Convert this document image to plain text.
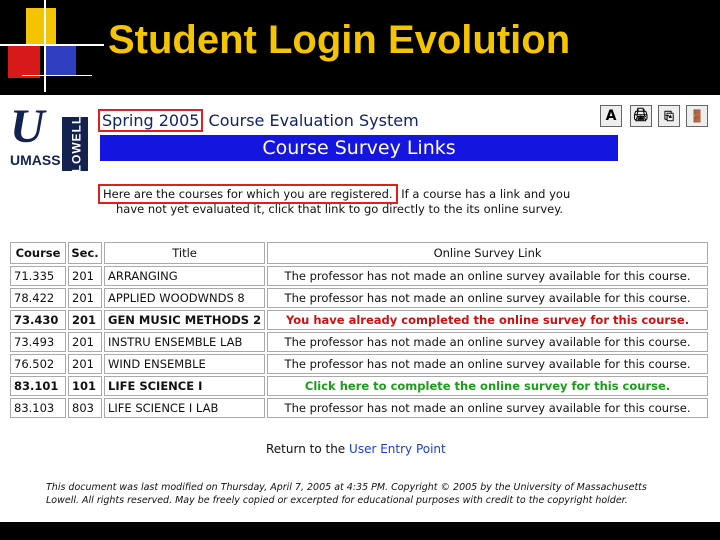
Student Login Evolution
U
UMASS LOWELL Spring 2005 Course Evaluation System	A	🖨	⎘	🚪
Course Survey Links
Here are the courses for which you are registered. If a course has a link and you
have not yet evaluated it, click that link to go directly to the its online survey.
Course	Sec.	Title	Online Survey Link
71.335	201	ARRANGING	The professor has not made an online survey available for this course.
78.422	201	APPLIED WOODWNDS 8	The professor has not made an online survey available for this course.
73.430	201	GEN MUSIC METHODS 2	You have already completed the online survey for this course.
73.493	201	INSTRU ENSEMBLE LAB	The professor has not made an online survey available for this course.
76.502	201	WIND ENSEMBLE	The professor has not made an online survey available for this course.
83.101	101	LIFE SCIENCE I	Click here to complete the online survey for this course.
83.103	803	LIFE SCIENCE I LAB	The professor has not made an online survey available for this course.
Return to the User Entry Point
This document was last modified on Thursday, April 7, 2005 at 4:35 PM. Copyright © 2005 by the University of Massachusetts
Lowell. All rights reserved. May be freely copied or excerpted for educational purposes with credit to the copyright holder.
